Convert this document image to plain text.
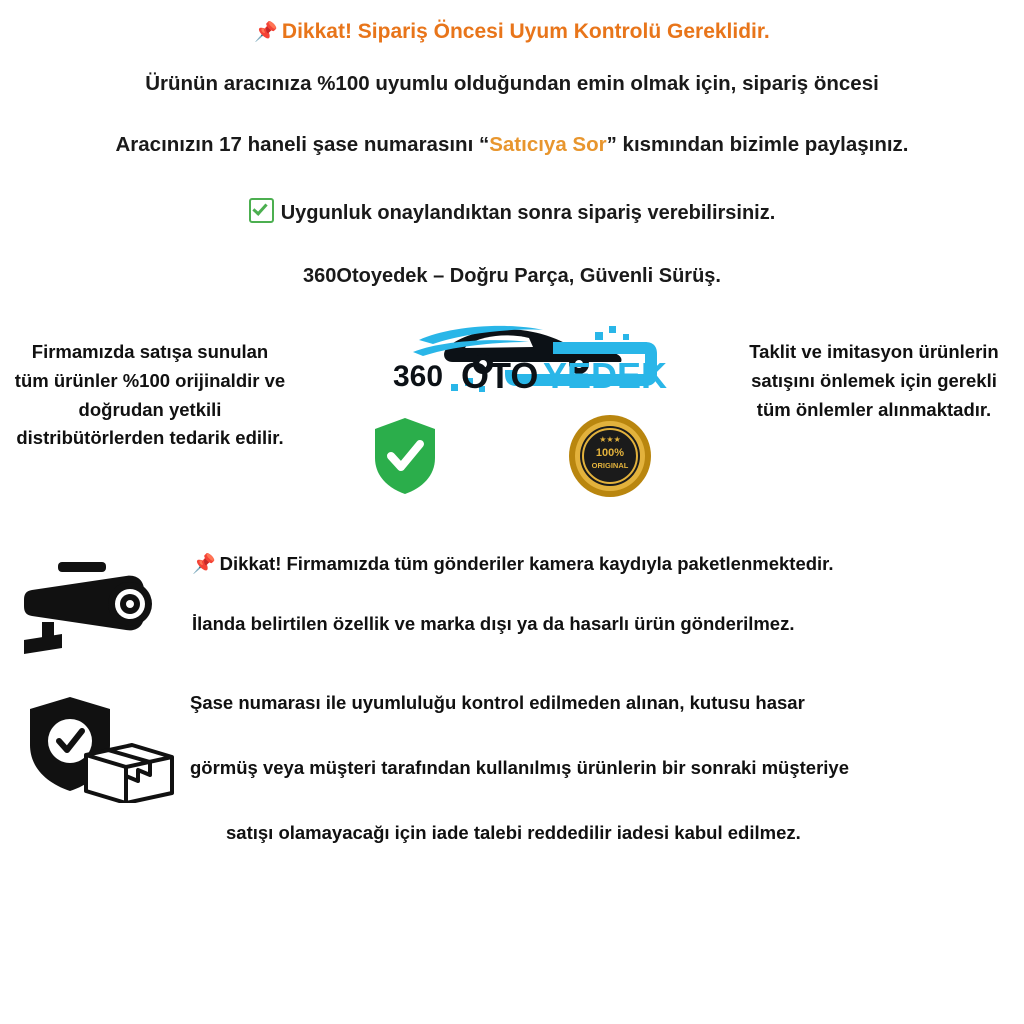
📌 Dikkat! Sipariş Öncesi Uyum Kontrolü Gereklidir.
Ürünün aracınıza %100 uyumlu olduğundan emin olmak için, sipariş öncesi
Aracınızın 17 haneli şase numarasını “Satıcıya Sor” kısmından bizimle paylaşınız.
Uygunluk onaylandıktan sonra sipariş verebilirsiniz.
360Otoyedek – Doğru Parça, Güvenli Sürüş.
Firmamızda satışa sunulan tüm ürünler %100 orijinaldir ve doğrudan yetkili distribütörlerden tedarik edilir.
360 OTO YEDEK
100%
ORIGINAL
★★★
Taklit ve imitasyon ürünlerin satışını önlemek için gerekli tüm önlemler alınmaktadır.

📌 Dikkat! Firmamızda tüm gönderiler kamera kaydıyla paketlenmektedir.

İlanda belirtilen özellik ve marka dışı ya da hasarlı ürün gönderilmez.

Şase numarası ile uyumluluğu kontrol edilmeden alınan, kutusu hasar

görmüş veya müşteri tarafından kullanılmış ürünlerin bir sonraki müşteriye

satışı olamayacağı için iade talebi reddedilir iadesi kabul edilmez.
